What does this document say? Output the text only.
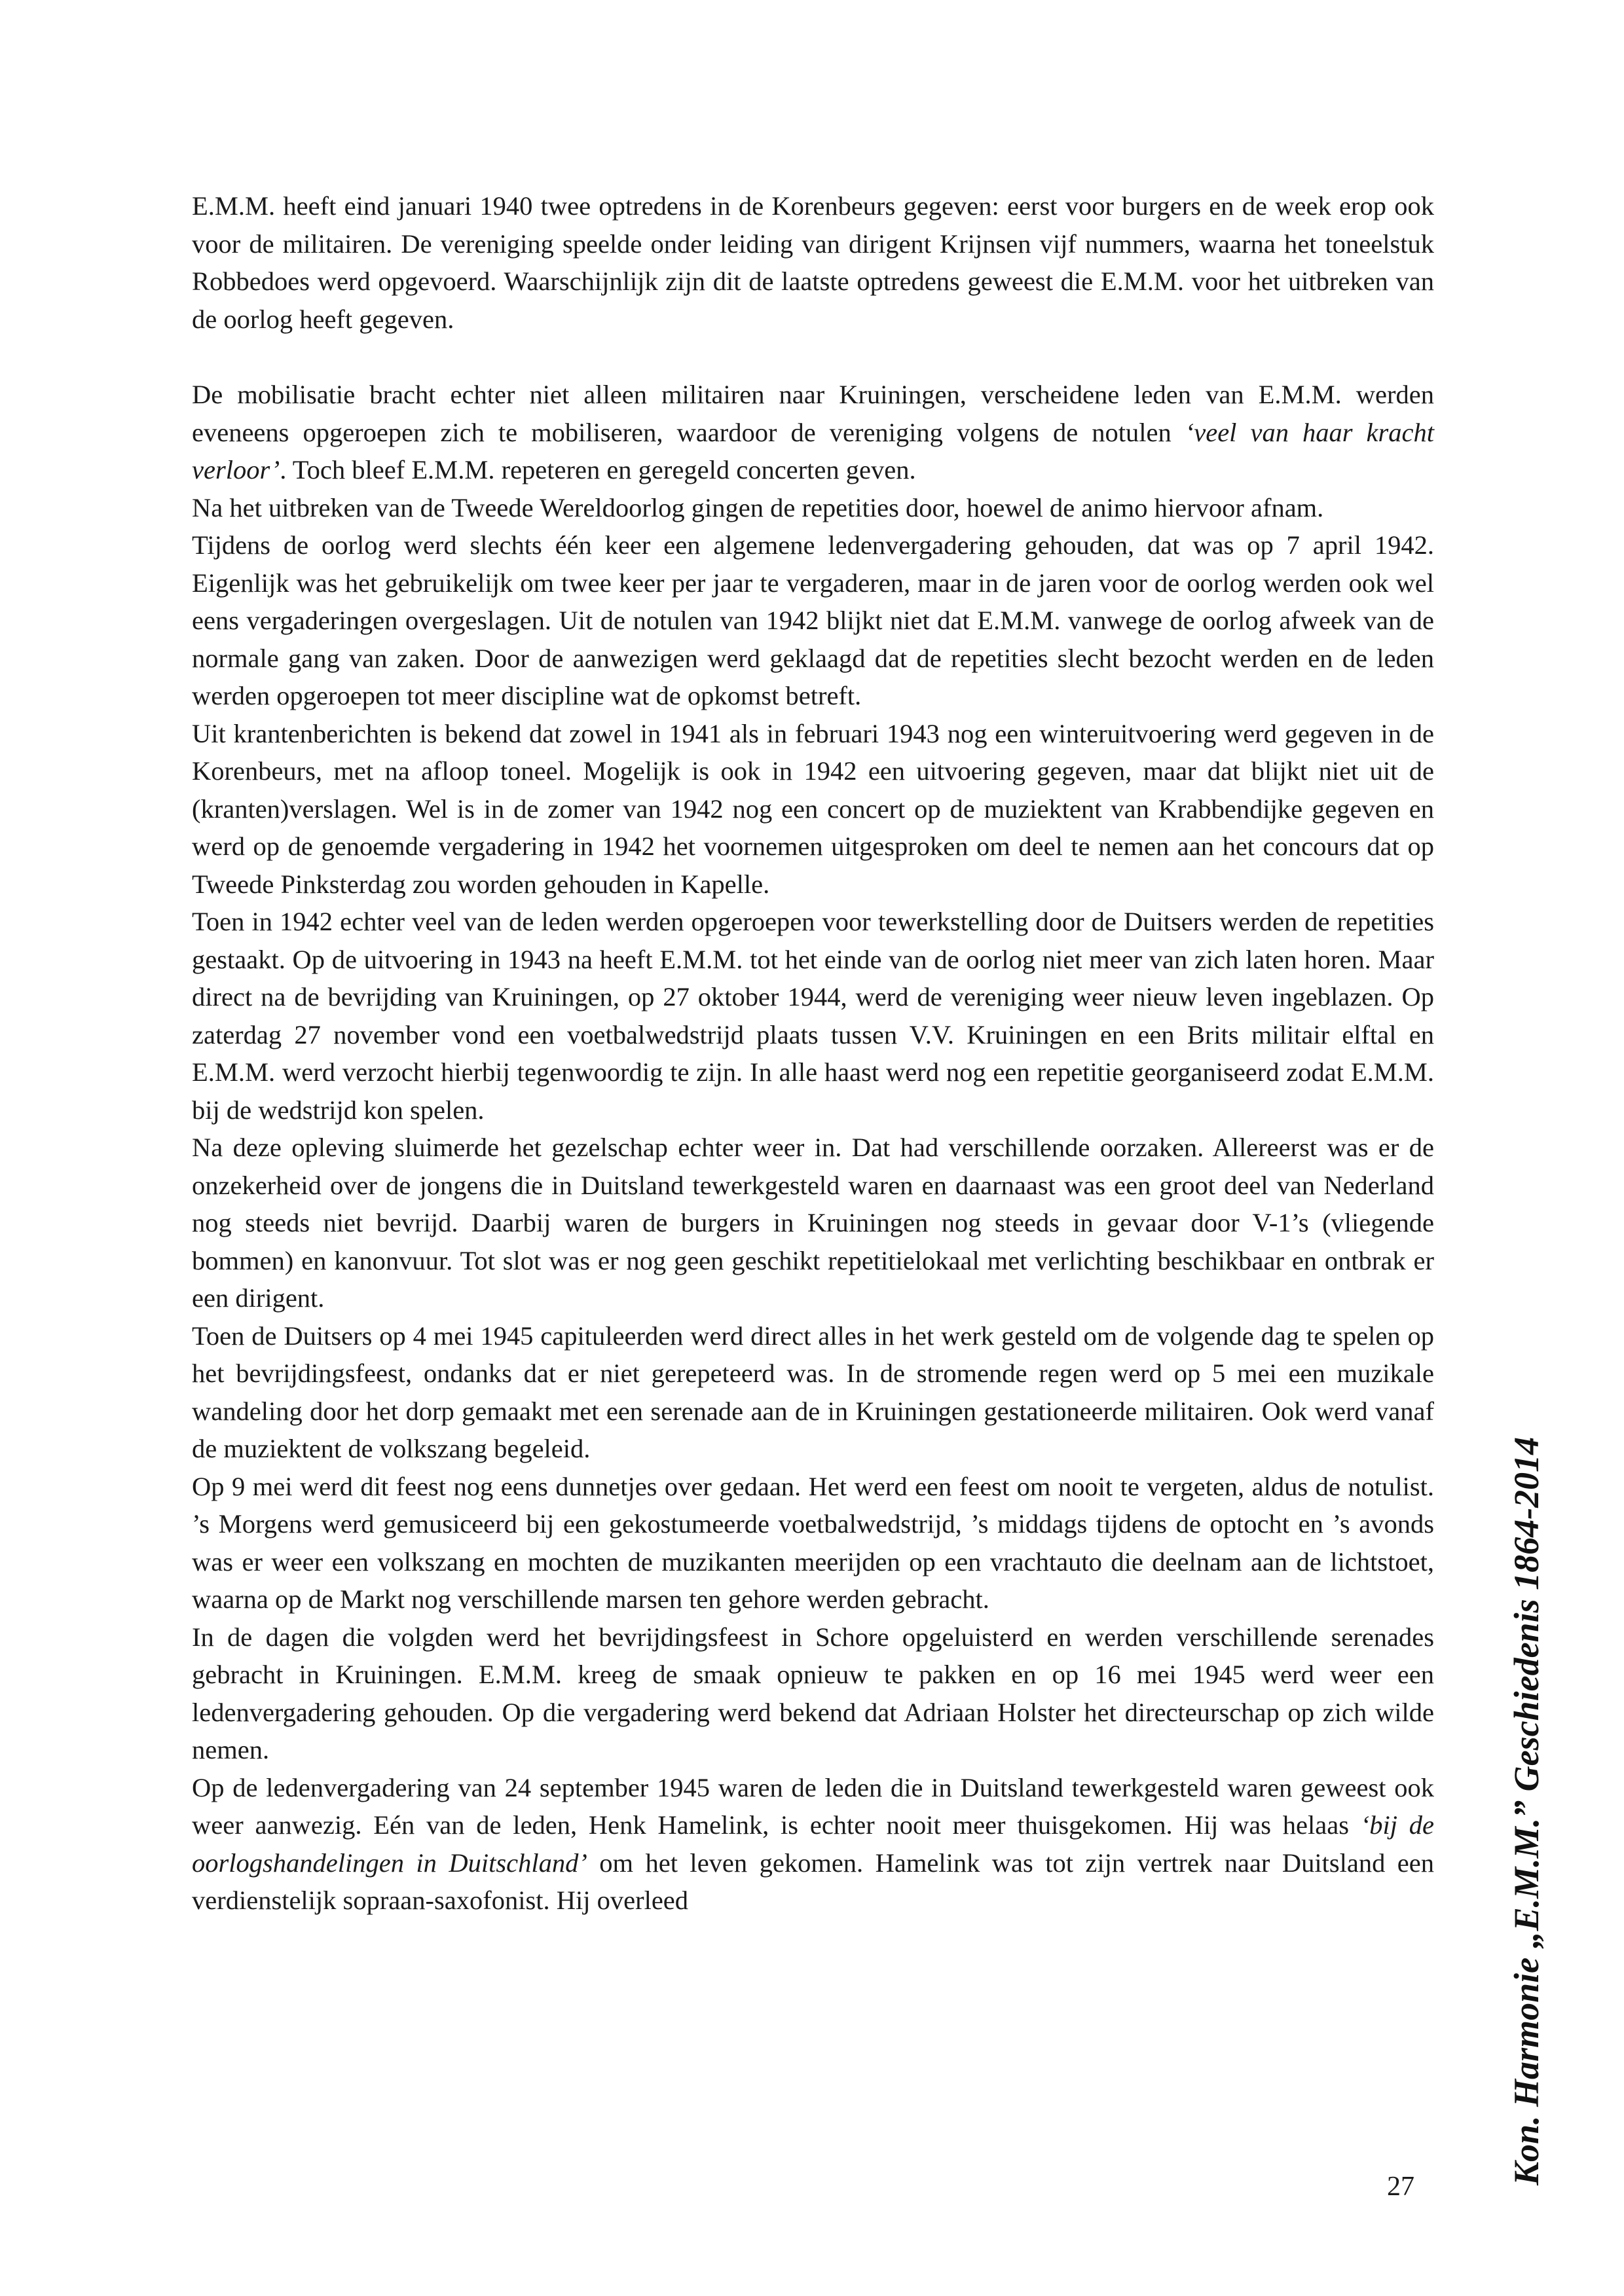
E.M.M. heeft eind januari 1940 twee optredens in de Korenbeurs gegeven: eerst voor burgers en de week erop ook voor de militairen. De vereniging speelde onder leiding van dirigent Krijnsen vijf nummers, waarna het toneelstuk Robbedoes werd opgevoerd. Waarschijnlijk zijn dit de laatste optredens geweest die E.M.M. voor het uitbreken van de oorlog heeft gegeven.

De mobilisatie bracht echter niet alleen militairen naar Kruiningen, verscheidene leden van E.M.M. werden eveneens opgeroepen zich te mobiliseren, waardoor de vereniging volgens de notulen ‘veel van haar kracht verloor’. Toch bleef E.M.M. repeteren en geregeld concerten geven.

Na het uitbreken van de Tweede Wereldoorlog gingen de repetities door, hoewel de animo hiervoor afnam.

Tijdens de oorlog werd slechts één keer een algemene ledenvergadering gehouden, dat was op 7 april 1942. Eigenlijk was het gebruikelijk om twee keer per jaar te vergaderen, maar in de jaren voor de oorlog werden ook wel eens vergaderingen overgeslagen. Uit de notulen van 1942 blijkt niet dat E.M.M. vanwege de oorlog afweek van de normale gang van zaken. Door de aanwezigen werd geklaagd dat de repetities slecht bezocht werden en de leden werden opgeroepen tot meer discipline wat de opkomst betreft.

Uit krantenberichten is bekend dat zowel in 1941 als in februari 1943 nog een winteruitvoering werd gegeven in de Korenbeurs, met na afloop toneel. Mogelijk is ook in 1942 een uitvoering gegeven, maar dat blijkt niet uit de (kranten)verslagen. Wel is in de zomer van 1942 nog een concert op de muziektent van Krabbendijke gegeven en werd op de genoemde vergadering in 1942 het voornemen uitgesproken om deel te nemen aan het concours dat op Tweede Pinksterdag zou worden gehouden in Kapelle.

Toen in 1942 echter veel van de leden werden opgeroepen voor tewerkstelling door de Duitsers werden de repetities gestaakt. Op de uitvoering in 1943 na heeft E.M.M. tot het einde van de oorlog niet meer van zich laten horen. Maar direct na de bevrijding van Kruiningen, op 27 oktober 1944, werd de vereniging weer nieuw leven ingeblazen. Op zaterdag 27 november vond een voetbalwedstrijd plaats tussen V.V. Kruiningen en een Brits militair elftal en E.M.M. werd verzocht hierbij tegenwoordig te zijn. In alle haast werd nog een repetitie georganiseerd zodat E.M.M. bij de wedstrijd kon spelen.

Na deze opleving sluimerde het gezelschap echter weer in. Dat had verschillende oorzaken. Allereerst was er de onzekerheid over de jongens die in Duitsland tewerkgesteld waren en daarnaast was een groot deel van Nederland nog steeds niet bevrijd. Daarbij waren de burgers in Kruiningen nog steeds in gevaar door V-1’s (vliegende bommen) en kanonvuur. Tot slot was er nog geen geschikt repetitielokaal met verlichting beschikbaar en ontbrak er een dirigent.

Toen de Duitsers op 4 mei 1945 capituleerden werd direct alles in het werk gesteld om de volgende dag te spelen op het bevrijdingsfeest, ondanks dat er niet gerepeteerd was. In de stromende regen werd op 5 mei een muzikale wandeling door het dorp gemaakt met een serenade aan de in Kruiningen gestationeerde militairen. Ook werd vanaf de muziektent de volkszang begeleid.

Op 9 mei werd dit feest nog eens dunnetjes over gedaan. Het werd een feest om nooit te vergeten, aldus de notulist. ’s Morgens werd gemusiceerd bij een gekostumeerde voetbalwedstrijd, ’s middags tijdens de optocht en ’s avonds was er weer een volkszang en mochten de muzikanten meerijden op een vrachtauto die deelnam aan de lichtstoet, waarna op de Markt nog verschillende marsen ten gehore werden gebracht.

In de dagen die volgden werd het bevrijdingsfeest in Schore opgeluisterd en werden verschillende serenades gebracht in Kruiningen. E.M.M. kreeg de smaak opnieuw te pakken en op 16 mei 1945 werd weer een ledenvergadering gehouden. Op die vergadering werd bekend dat Adriaan Holster het directeurschap op zich wilde nemen.

Op de ledenvergadering van 24 september 1945 waren de leden die in Duitsland tewerkgesteld waren geweest ook weer aanwezig. Eén van de leden, Henk Hamelink, is echter nooit meer thuisgekomen. Hij was helaas ‘bij de oorlogshandelingen in Duitschland’ om het leven gekomen. Hamelink was tot zijn vertrek naar Duitsland een verdienstelijk sopraan-saxofonist. Hij overleed	Kon. Harmonie „E.M.M.” Geschiedenis 1864-2014
27
